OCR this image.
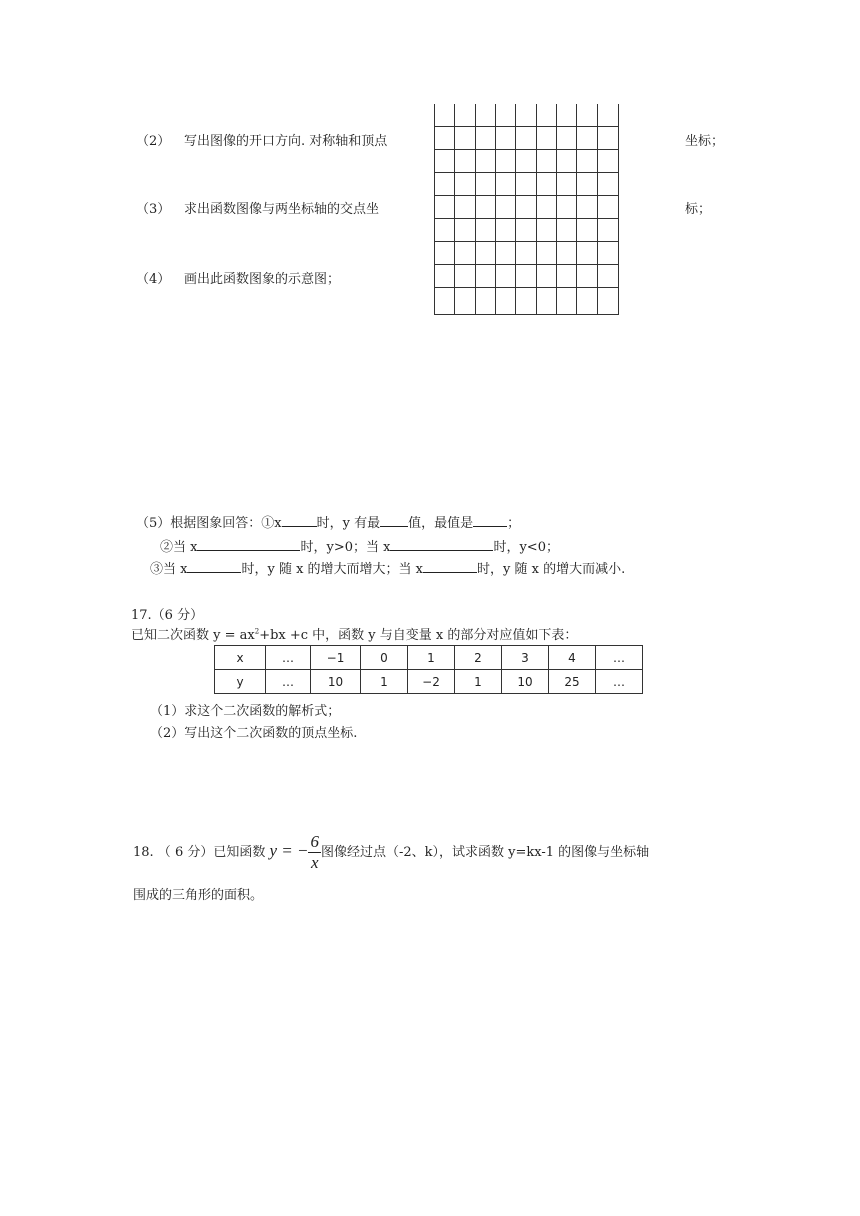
（2） 写出图像的开口方向. 对称轴和顶点	坐标；
（3） 求出函数图像与两坐标轴的交点坐	标；
（4） 画出此函数图象的示意图；
（5）根据图象回答：①x	时，y 有最 值，最值是	；
②当 x	时，y>0；当 x	时，y<0；
③当 x	时，y 随 x 的增大而增大；当 x	时，y 随 x 的增大而减小.
17.（6 分）
已知二次函数 $y = ax^2+bx +c$ 中，函数 y 与自变量 x 的部分对应值如下表：
x	…	−1	0	1	2	3	4	…
y	…	10	1	−2	1	10	25	…
（1）求这个二次函数的解析式；
（2）写出这个二次函数的顶点坐标.
18. （ 6 分）已知函数 y = − $\frac{6}{x}$ 图像经过点（-2、k），试求函数 y=kx-1 的图像与坐标轴
围成的三角形的面积。
